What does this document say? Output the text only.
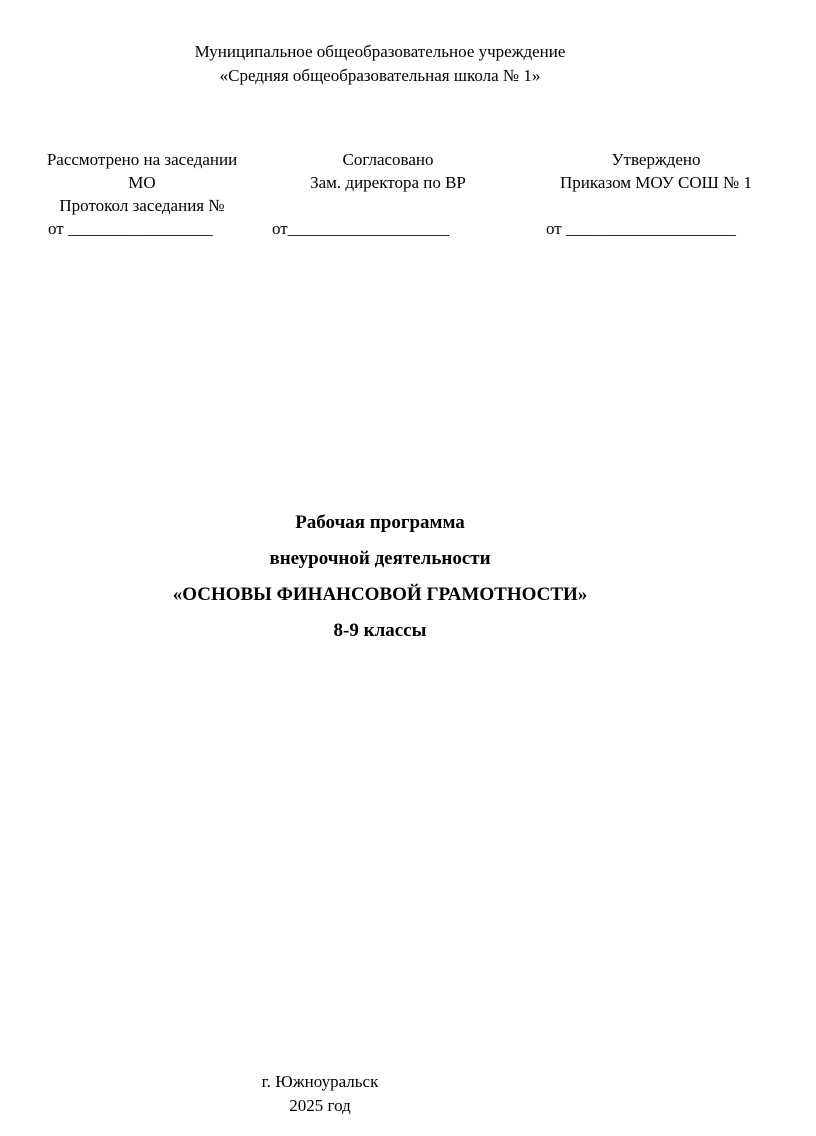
Муниципальное общеобразовательное учреждение
«Средняя общеобразовательная школа № 1»
Рассмотрено на заседании
МО
Протокол заседания №
от _________________
Согласовано
Зам. директора по ВР
от___________________
Утверждено
Приказом МОУ СОШ № 1
от ____________________
Рабочая программа
внеурочной деятельности
«ОСНОВЫ ФИНАНСОВОЙ ГРАМОТНОСТИ»
8-9 классы
г. Южноуральск
2025 год
